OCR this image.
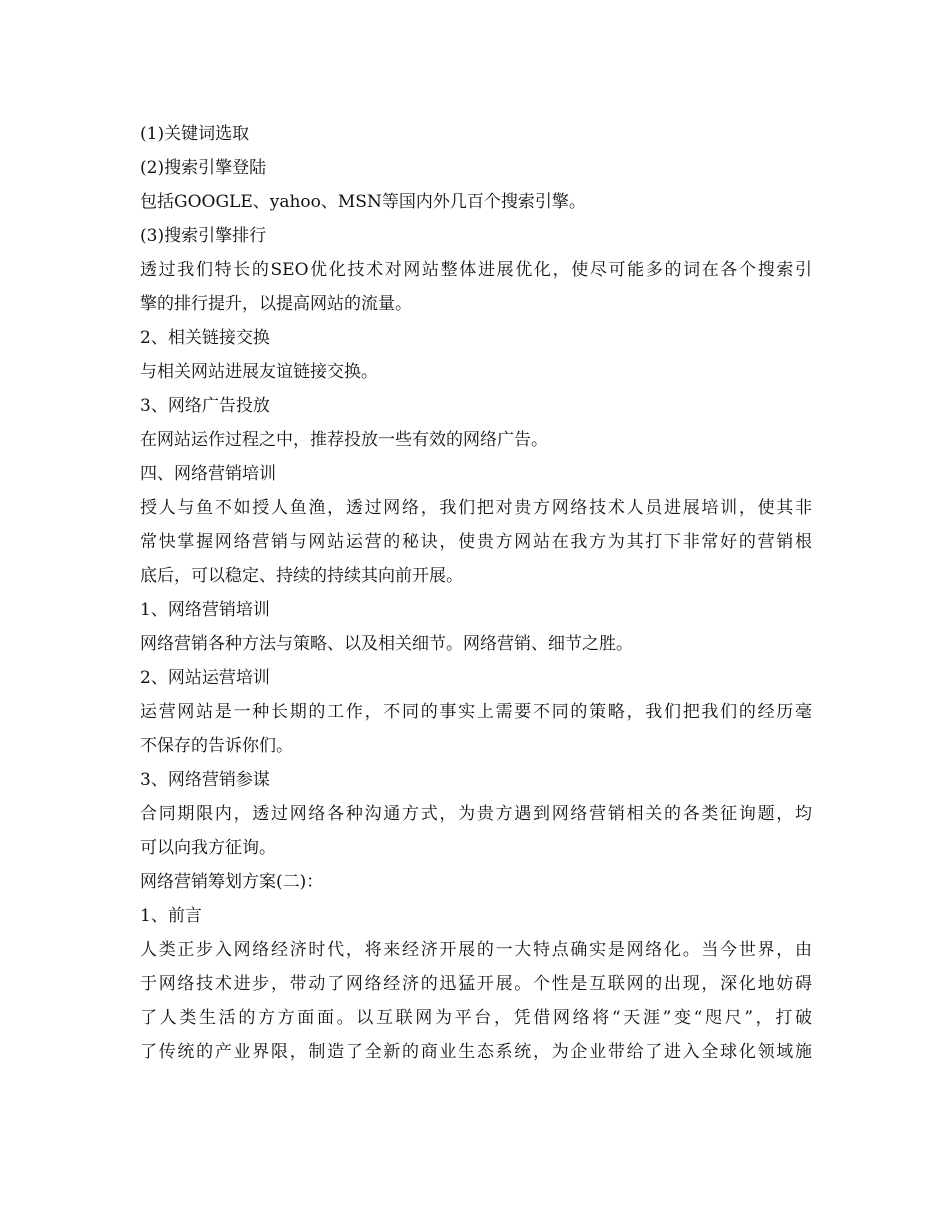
(1)关键词选取
(2)搜索引擎登陆
包括GOOGLE、yahoo、MSN等国内外几百个搜索引擎。
(3)搜索引擎排行
透过我们特长的SEO优化技术对网站整体进展优化，使尽可能多的词在各个搜索引
擎的排行提升，以提高网站的流量。
2、相关链接交换
与相关网站进展友谊链接交换。
3、网络广告投放
在网站运作过程之中，推荐投放一些有效的网络广告。
四、网络营销培训
授人与鱼不如授人鱼渔，透过网络，我们把对贵方网络技术人员进展培训，使其非
常快掌握网络营销与网站运营的秘诀，使贵方网站在我方为其打下非常好的营销根
底后，可以稳定、持续的持续其向前开展。
1、网络营销培训
网络营销各种方法与策略、以及相关细节。网络营销、细节之胜。
2、网站运营培训
运营网站是一种长期的工作，不同的事实上需要不同的策略，我们把我们的经历毫
不保存的告诉你们。
3、网络营销参谋
合同期限内，透过网络各种沟通方式，为贵方遇到网络营销相关的各类征询题，均
可以向我方征询。
网络营销筹划方案(二)：
1、前言
人类正步入网络经济时代，将来经济开展的一大特点确实是网络化。当今世界，由
于网络技术进步，带动了网络经济的迅猛开展。个性是互联网的出现，深化地妨碍
了人类生活的方方面面。以互联网为平台，凭借网络将“天涯”变“咫尺”，打破
了传统的产业界限，制造了全新的商业生态系统，为企业带给了进入全球化领域施
